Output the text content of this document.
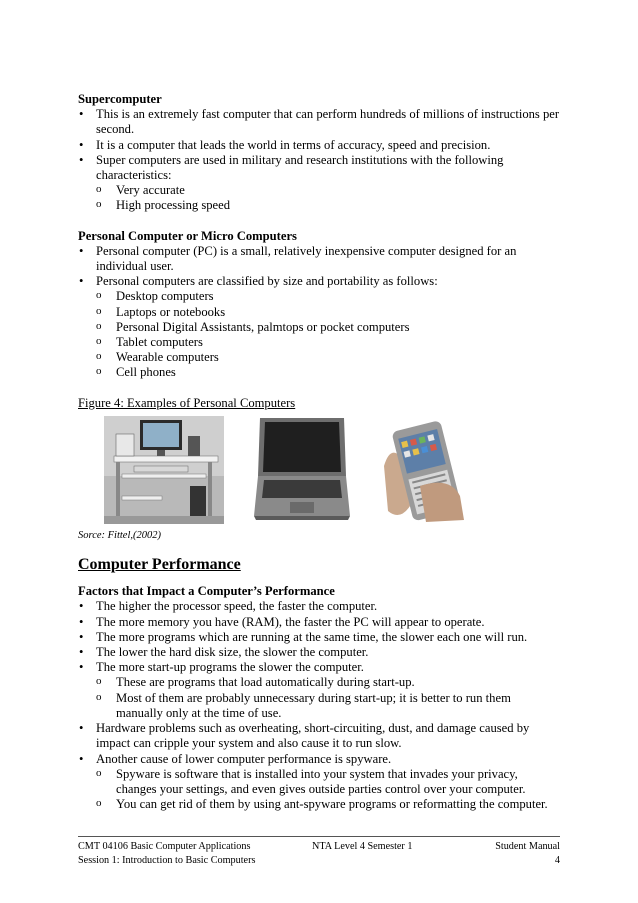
Supercomputer

• This is an extremely fast computer that can perform hundreds of millions of instructions per second.
• It is a computer that leads the world in terms of accuracy, speed and precision.
• Super computers are used in military and research institutions with the following characteristics:
o Very accurate
o High processing speed

Personal Computer or Micro Computers

• Personal computer (PC) is a small, relatively inexpensive computer designed for an individual user.
• Personal computers are classified by size and portability as follows:
o Desktop computers
o Laptops or notebooks
o Personal Digital Assistants, palmtops or pocket computers
o Tablet computers
o Wearable computers
o Cell phones

Figure 4: Examples of Personal Computers

Sorce: Fittel,(2002)

Computer Performance

Factors that Impact a Computer’s Performance

• The higher the processor speed, the faster the computer.
• The more memory you have (RAM), the faster the PC will appear to operate.
• The more programs which are running at the same time, the slower each one will run.
• The lower the hard disk size, the slower the computer.
• The more start-up programs the slower the computer.
o These are programs that load automatically during start-up.
o Most of them are probably unnecessary during start-up; it is better to run them manually only at the time of use.
• Hardware problems such as overheating, short-circuiting, dust, and damage caused by impact can cripple your system and also cause it to run slow.
• Another cause of lower computer performance is spyware.
o Spyware is software that is installed into your system that invades your privacy, changes your settings, and even gives outside parties control over your computer.
o You can get rid of them by using ant-spyware programs or reformatting the computer.
CMT 04106 Basic Computer Applications	NTA Level 4 Semester 1	Student Manual
Session 1: Introduction to Basic Computers	4
